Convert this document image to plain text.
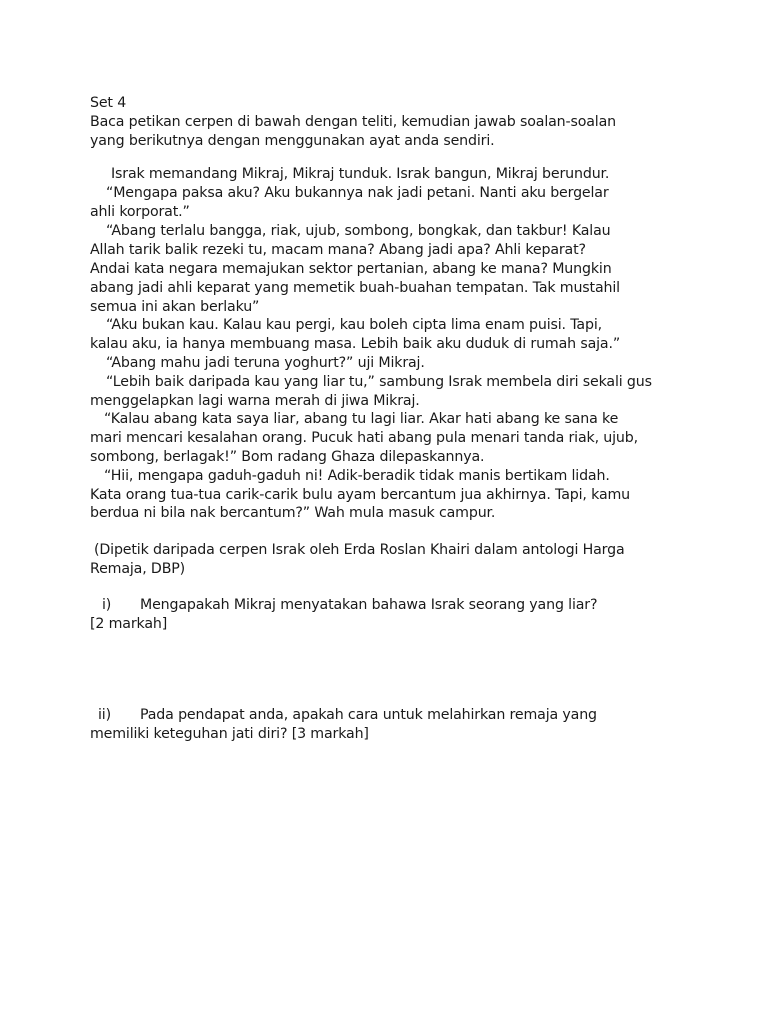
Set 4
Baca petikan cerpen di bawah dengan teliti, kemudian jawab soalan-soalan
yang berikutnya dengan menggunakan ayat anda sendiri.
Israk memandang Mikraj, Mikraj tunduk. Israk bangun, Mikraj berundur.
“Mengapa paksa aku? Aku bukannya nak jadi petani. Nanti aku bergelar
ahli korporat.”
“Abang terlalu bangga, riak, ujub, sombong, bongkak, dan takbur! Kalau
Allah tarik balik rezeki tu, macam mana? Abang jadi apa? Ahli keparat?
Andai kata negara memajukan sektor pertanian, abang ke mana? Mungkin
abang jadi ahli keparat yang memetik buah-buahan tempatan. Tak mustahil
semua ini akan berlaku”
“Aku bukan kau. Kalau kau pergi, kau boleh cipta lima enam puisi. Tapi,
kalau aku, ia hanya membuang masa. Lebih baik aku duduk di rumah saja.”
“Abang mahu jadi teruna yoghurt?” uji Mikraj.
“Lebih baik daripada kau yang liar tu,” sambung Israk membela diri sekali gus
menggelapkan lagi warna merah di jiwa Mikraj.
“Kalau abang kata saya liar, abang tu lagi liar. Akar hati abang ke sana ke
mari mencari kesalahan orang. Pucuk hati abang pula menari tanda riak, ujub,
sombong, berlagak!” Bom radang Ghaza dilepaskannya.
“Hii, mengapa gaduh-gaduh ni! Adik-beradik tidak manis bertikam lidah.
Kata orang tua-tua carik-carik bulu ayam bercantum jua akhirnya. Tapi, kamu
berdua ni bila nak bercantum?” Wah mula masuk campur.
(Dipetik daripada cerpen Israk oleh Erda Roslan Khairi dalam antologi Harga
Remaja, DBP)
i) Mengapakah Mikraj menyatakan bahawa Israk seorang yang liar?
[2 markah]
ii) Pada pendapat anda, apakah cara untuk melahirkan remaja yang
memiliki keteguhan jati diri? [3 markah]
